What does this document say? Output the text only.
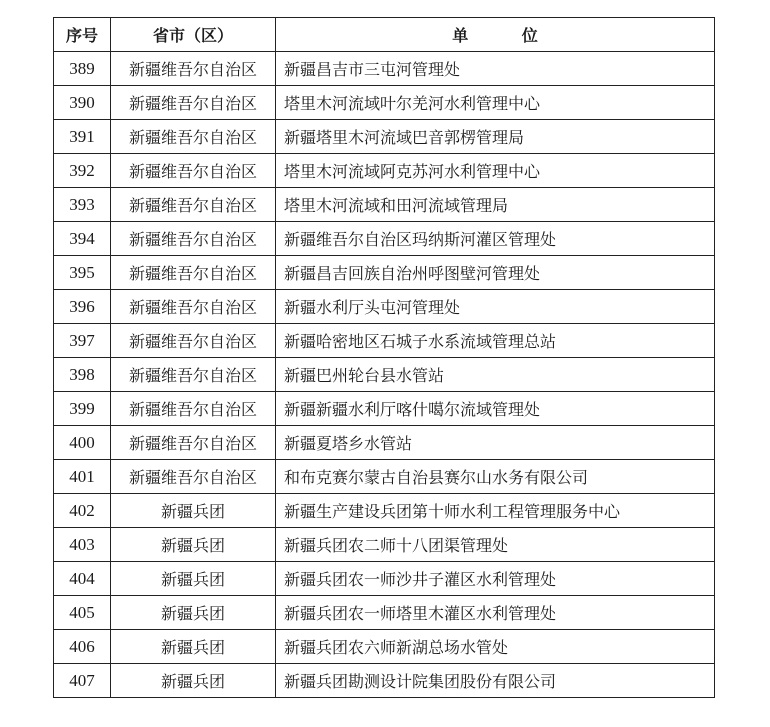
序号	省市（区）	单 位
389	新疆维吾尔自治区	新疆昌吉市三屯河管理处
390	新疆维吾尔自治区	塔里木河流域叶尔羌河水利管理中心
391	新疆维吾尔自治区	新疆塔里木河流域巴音郭楞管理局
392	新疆维吾尔自治区	塔里木河流域阿克苏河水利管理中心
393	新疆维吾尔自治区	塔里木河流域和田河流域管理局
394	新疆维吾尔自治区	新疆维吾尔自治区玛纳斯河灌区管理处
395	新疆维吾尔自治区	新疆昌吉回族自治州呼图壁河管理处
396	新疆维吾尔自治区	新疆水利厅头屯河管理处
397	新疆维吾尔自治区	新疆哈密地区石城子水系流域管理总站
398	新疆维吾尔自治区	新疆巴州轮台县水管站
399	新疆维吾尔自治区	新疆新疆水利厅喀什噶尔流域管理处
400	新疆维吾尔自治区	新疆夏塔乡水管站
401	新疆维吾尔自治区	和布克赛尔蒙古自治县赛尔山水务有限公司
402	新疆兵团	新疆生产建设兵团第十师水利工程管理服务中心
403	新疆兵团	新疆兵团农二师十八团渠管理处
404	新疆兵团	新疆兵团农一师沙井子灌区水利管理处
405	新疆兵团	新疆兵团农一师塔里木灌区水利管理处
406	新疆兵团	新疆兵团农六师新湖总场水管处
407	新疆兵团	新疆兵团勘测设计院集团股份有限公司
